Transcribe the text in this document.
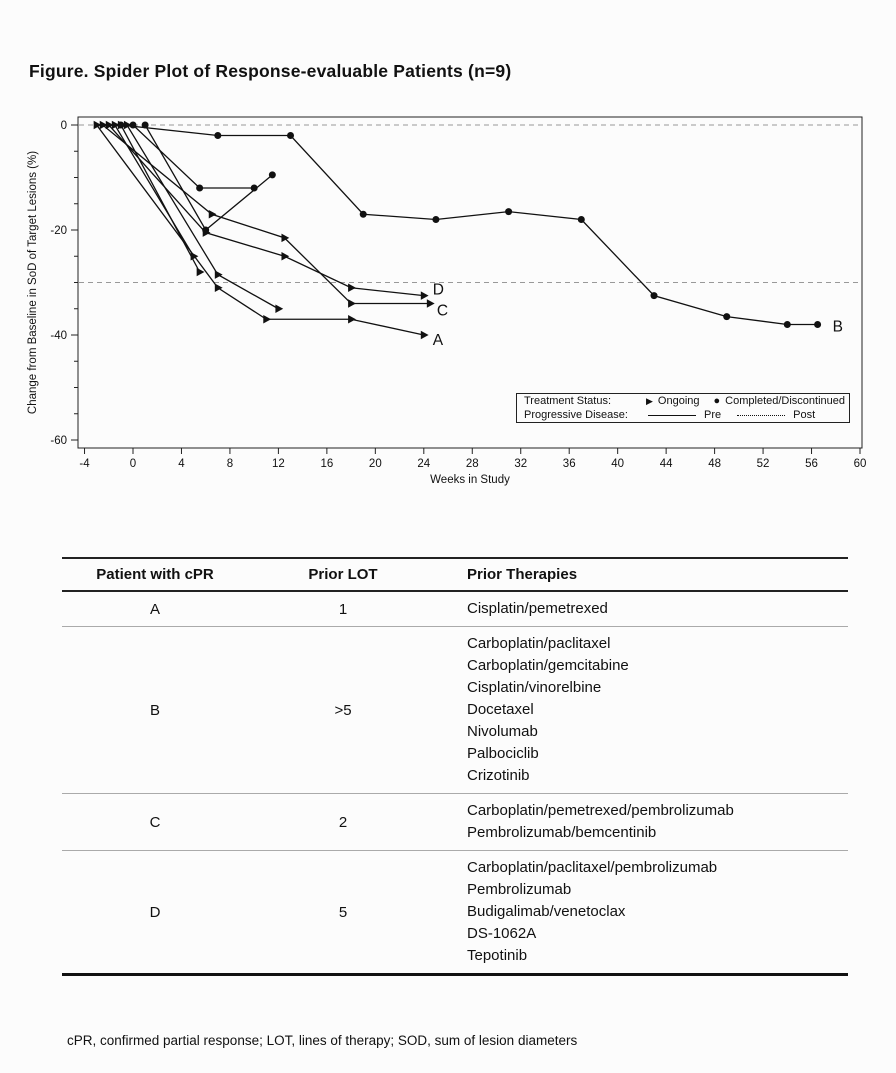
Figure. Spider Plot of Response-evaluable Patients (n=9)
0
-20
-40
-60
-4	0	4	8	12	16	20	24	28	32	36	40	44	48	52	56	60
Weeks in Study
Change from Baseline in SoD of Target Lesions (%)	A
B
C
D
Treatment Status:	▶ Ongoing ● Completed/Discontinued
Progressive Disease:	Pre	Post
Patient with cPR	Prior LOT	Prior Therapies
A	1	Cisplatin/pemetrexed

B	>5	
Carboplatin/paclitaxel
Carboplatin/gemcitabine
Cisplatin/vinorelbine
Docetaxel
Nivolumab
Palbociclib
Crizotinib

C	2	Carboplatin/pemetrexed/pembrolizumab
Pembrolizumab/bemcentinib

D	5	Carboplatin/paclitaxel/pembrolizumab
Pembrolizumab
Budigalimab/venetoclax
DS-1062A
Tepotinib
cPR, confirmed partial response; LOT, lines of therapy; SOD, sum of lesion diameters
